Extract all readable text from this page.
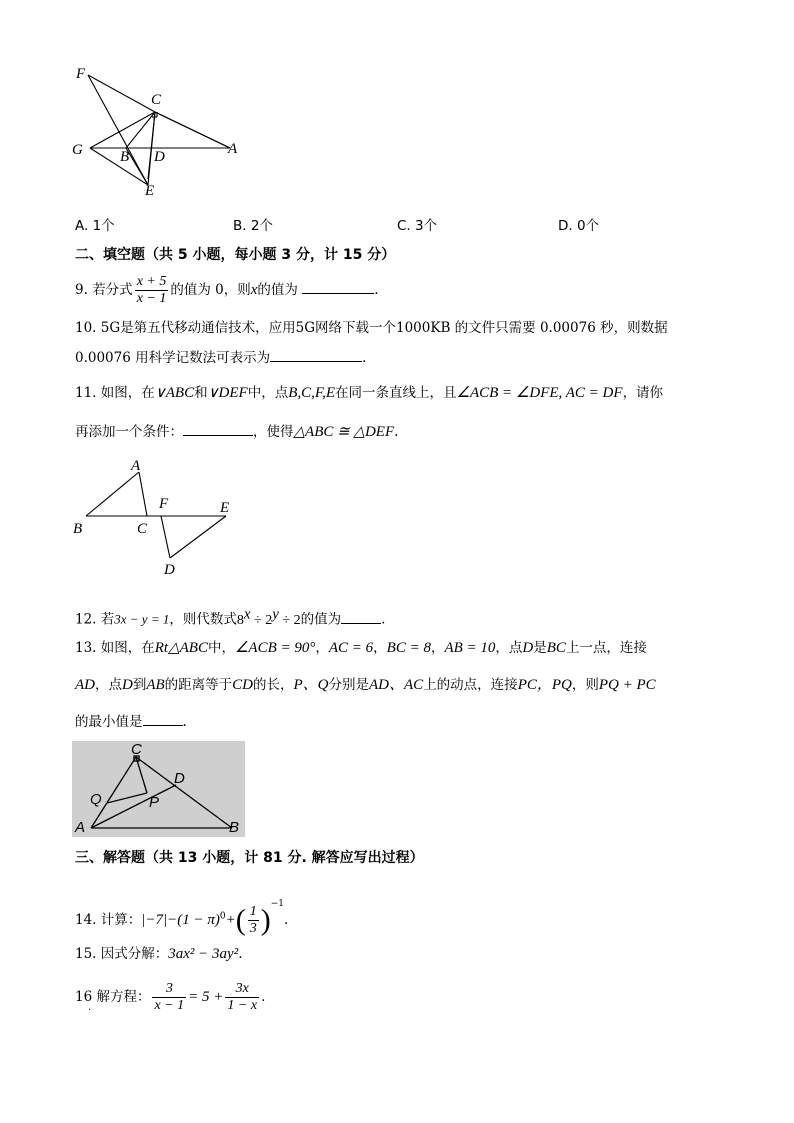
F
C
G B D	A
E
A. 1个	B. 2个	C. 3个	D. 0个
二、填空题（共 5 小题，每小题 3 分，计 15 分）
9. 若分式 $\frac{x + 5}{x - 1}$ 的值为 0，则x的值为	.
10. 5G是第五代移动通信技术，应用5G网络下载一个1000KB 的文件只需要 0.00076 秒，则数据
0.00076 用科学记数法可表示为	.
11. 如图，在∨ABC和∨DEF中，点B,C,F,E在同一条直线上，且∠ACB = ∠DFE, AC = DF，请你
再添加一个条件：	，使得△ABC ≅ △DEF.
A
F	E
B	C
D
12. 若3x − y = 1，则代数式$8^x \div 2^y \div 2$的值为	.
13. 如图，在Rt△ABC中，∠ACB = 90°，AC = 6，BC = 8，AB = 10，点D是BC上一点，连接
AD，点D到AB的距离等于CD的长，P、Q分别是AD、AC上的动点，连接PC，PQ，则PQ + PC
的最小值是	.
C
D
Q	P
A	B
三、解答题（共 13 小题，计 81 分. 解答应写出过程）
14. 计算：$|-7|-(1 - \pi)^0+( \frac{1}{3} )^{-1}$.
15. 因式分解：3ax² − 3ay².
16 解方程： $\frac{3}{x - 1} = 5 + \frac{3x}{1 - x}$ .
.
